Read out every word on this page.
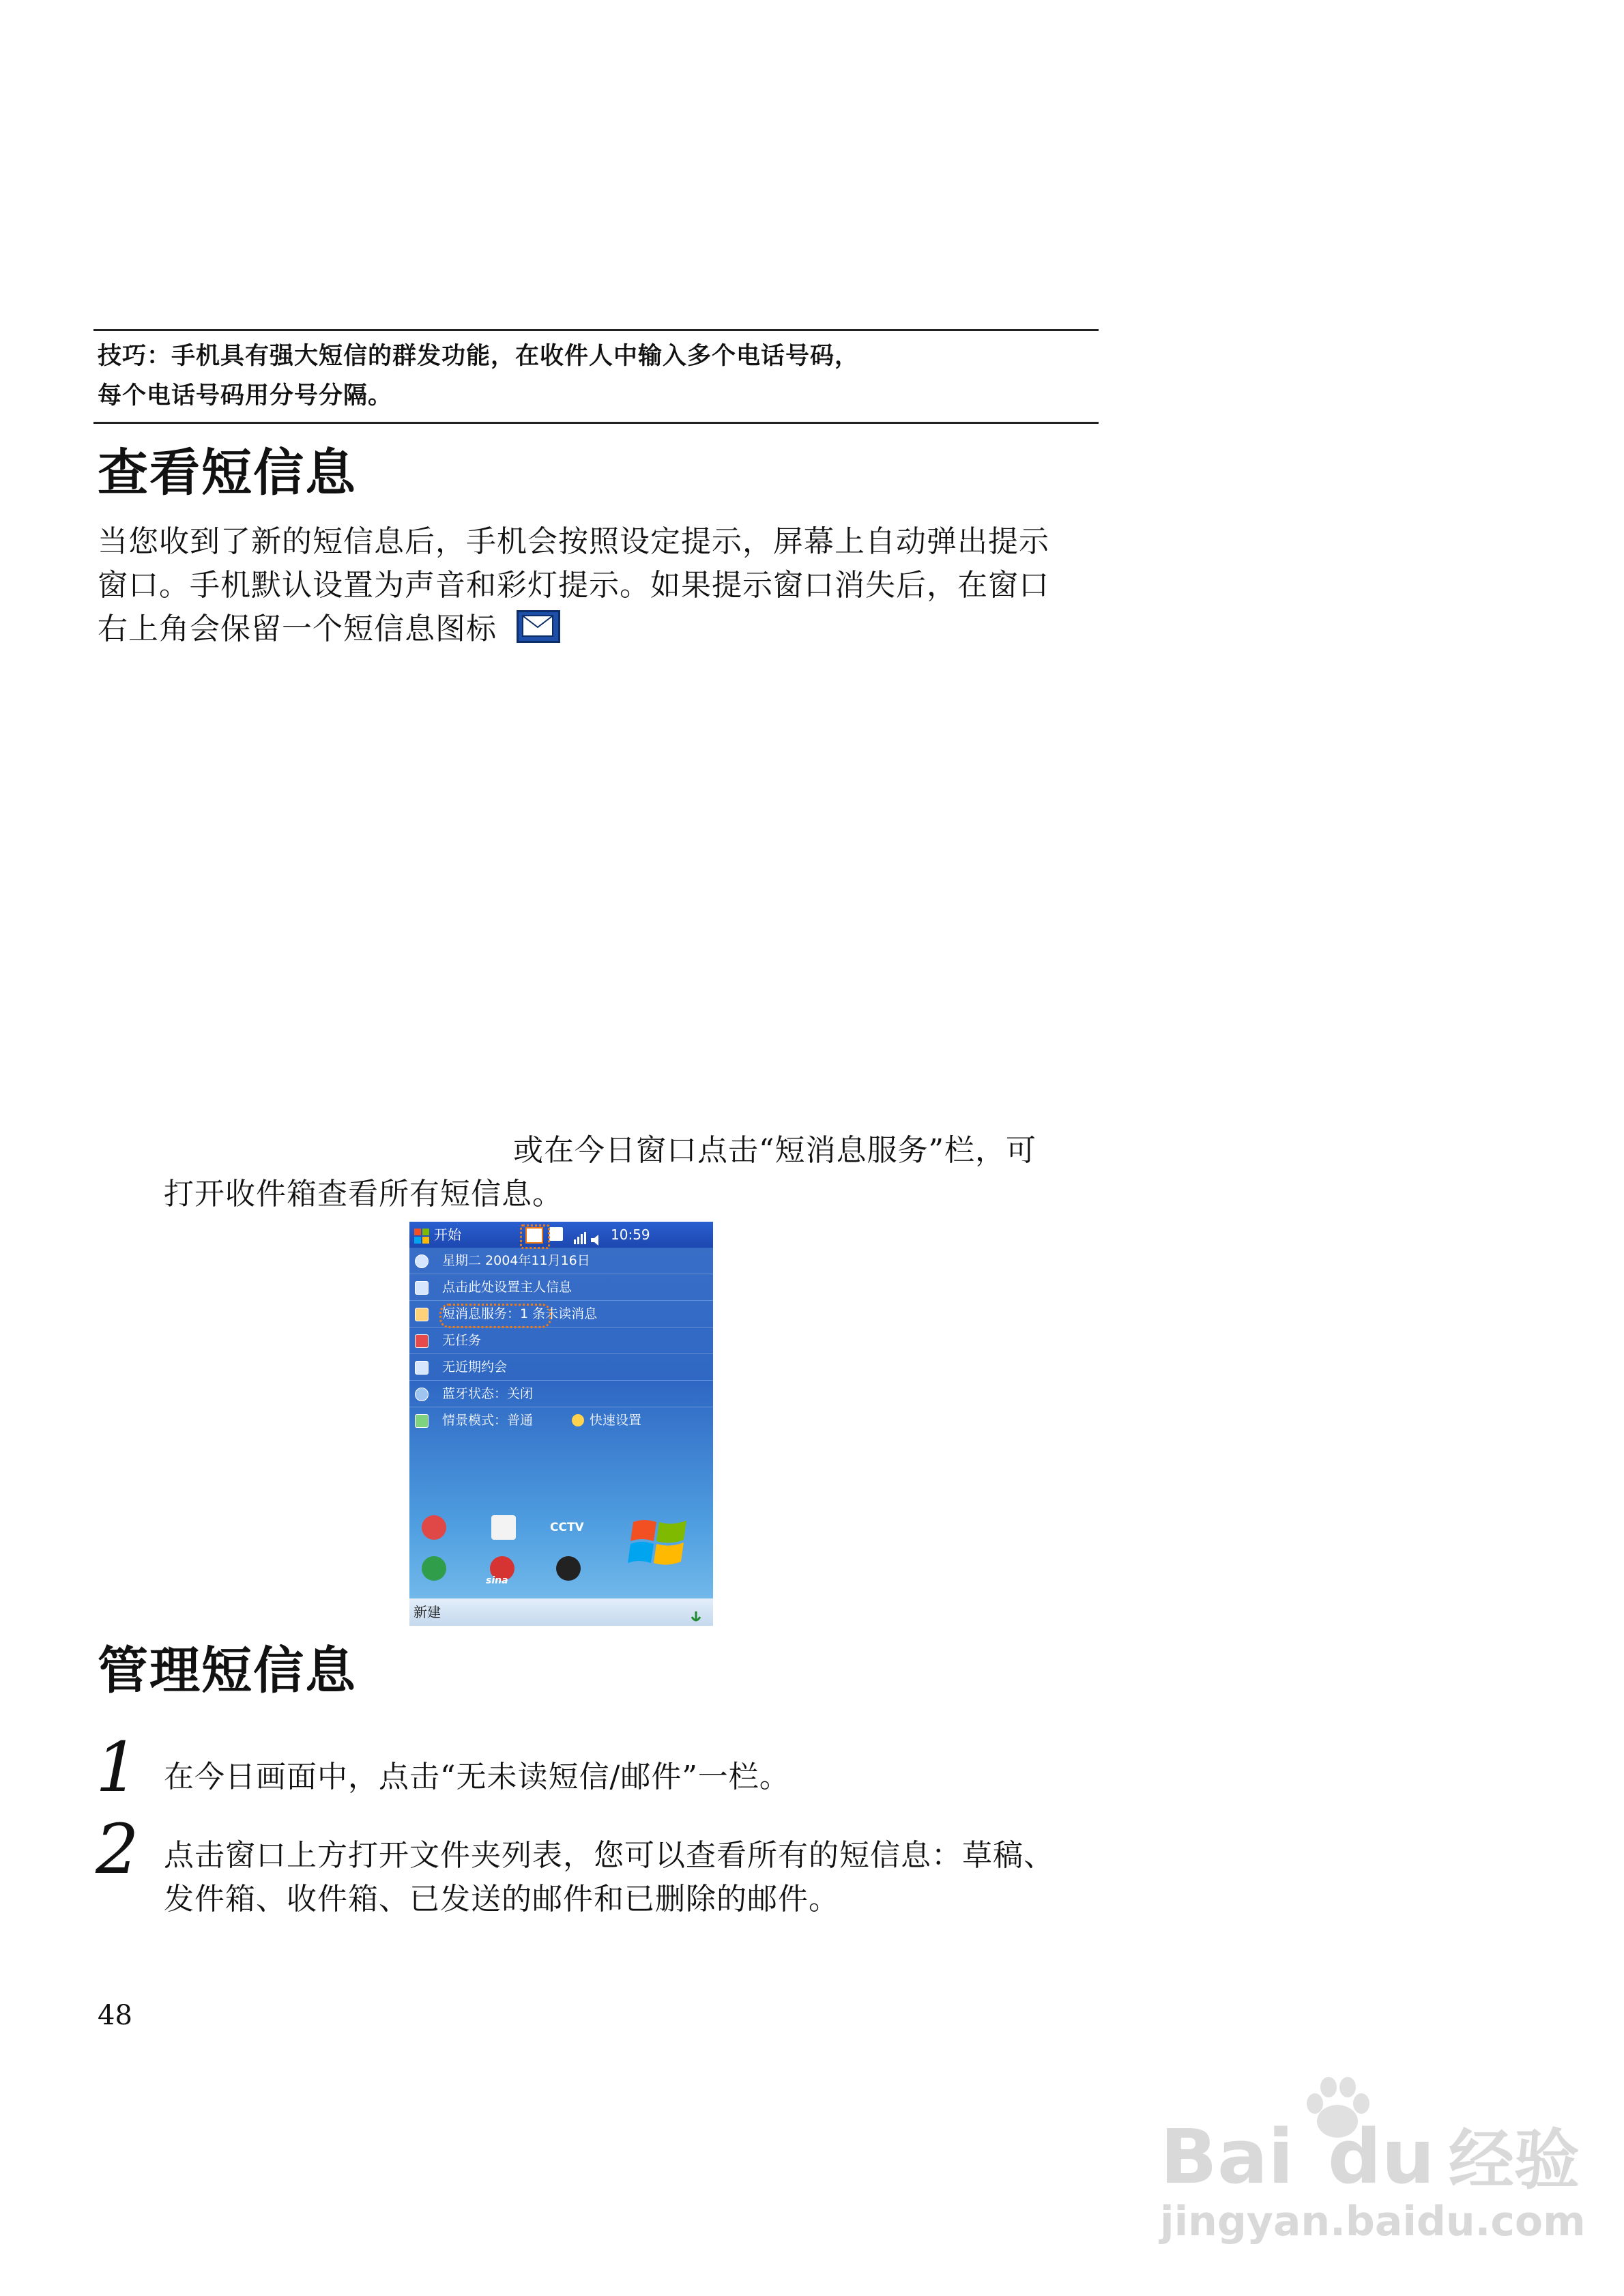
技巧：手机具有强大短信的群发功能，在收件人中输入多个电话号码，
每个电话号码用分号分隔。
查看短信息
当您收到了新的短信息后，手机会按照设定提示，屏幕上自动弹出提示
窗口。手机默认设置为声音和彩灯提示。如果提示窗口消失后，在窗口
右上角会保留一个短信息图标
或在今日窗口点击“短消息服务”栏，可
打开收件箱查看所有短信息。
开始	10:59
星期二 2004年11月16日
点击此处设置主人信息
短消息服务：1 条未读消息
无任务
无近期约会
蓝牙状态：关闭
情景模式：普通	快速设置
CCTV
sina
新建
管理短信息
1 在今日画面中，点击“无未读短信/邮件”一栏。
2 点击窗口上方打开文件夹列表，您可以查看所有的短信息：草稿、
发件箱、收件箱、已发送的邮件和已删除的邮件。
48
Bai du 经验
jingyan.baidu.com
